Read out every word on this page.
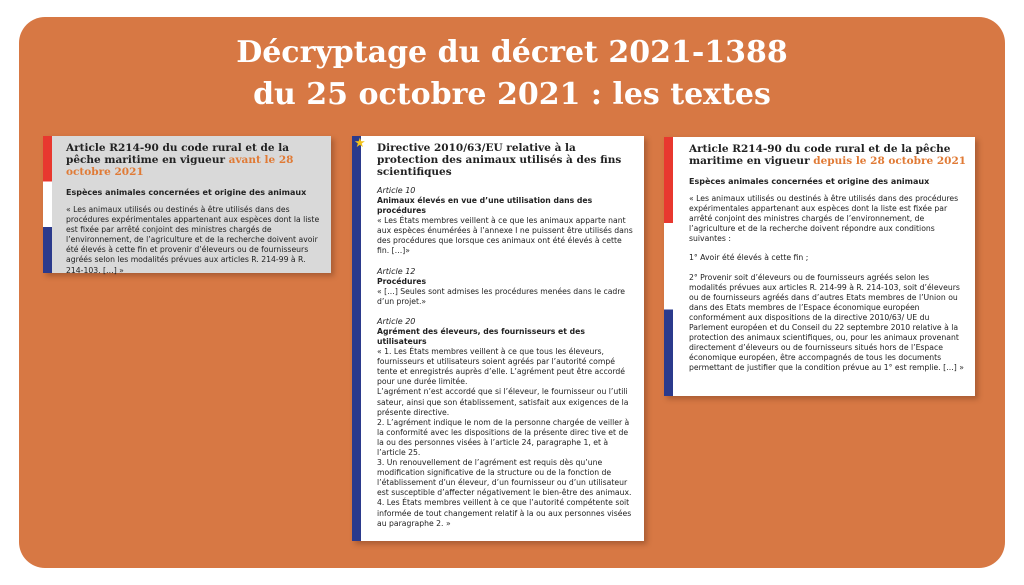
Décryptage du décret 2021-1388
du 25 octobre 2021 : les textes
Article R214-90 du code rural et de la pêche maritime en vigueur avant le 28 octobre 2021
Espèces animales concernées et origine des animaux
« Les animaux utilisés ou destinés à être utilisés dans des procédures expérimentales appartenant aux espèces dont la liste est fixée par arrêté conjoint des ministres chargés de l’environnement, de l’agriculture et de la recherche doivent avoir été élevés à cette fin et provenir d’éleveurs ou de fournisseurs agréés selon les modalités prévues aux articles R. 214-99 à R. 214-103. […] »
★ Directive 2010/63/EU relative à la protection des animaux utilisés à des fins scientifiques
Article 10
Animaux élevés en vue d’une utilisation dans des procédures
« Les États membres veillent à ce que les animaux apparte nant aux espèces énumérées à l’annexe I ne puissent être utilisés dans des procédures que lorsque ces animaux ont été élevés à cette fin. […]»
Article 12
Procédures
« […] Seules sont admises les procédures menées dans le cadre d’un projet.»
Article 20
Agrément des éleveurs, des fournisseurs et des utilisateurs
« 1. Les États membres veillent à ce que tous les éleveurs, fournisseurs et utilisateurs soient agréés par l’autorité compé tente et enregistrés auprès d’elle. L’agrément peut être accordé pour une durée limitée.
L’agrément n’est accordé que si l’éleveur, le fournisseur ou l’utili sateur, ainsi que son établissement, satisfait aux exigences de la présente directive.
2. L’agrément indique le nom de la personne chargée de veiller à la conformité avec les dispositions de la présente direc tive et de la ou des personnes visées à l’article 24, paragraphe 1, et à l’article 25.
3. Un renouvellement de l’agrément est requis dès qu’une modification significative de la structure ou de la fonction de l’établissement d’un éleveur, d’un fournisseur ou d’un utilisateur est susceptible d’affecter négativement le bien-être des animaux.
4. Les États membres veillent à ce que l’autorité compétente soit informée de tout changement relatif à la ou aux personnes visées au paragraphe 2. »
Article R214-90 du code rural et de la pêche maritime en vigueur depuis le 28 octobre 2021
Espèces animales concernées et origine des animaux
« Les animaux utilisés ou destinés à être utilisés dans des procédures expérimentales appartenant aux espèces dont la liste est fixée par arrêté conjoint des ministres chargés de l’environnement, de l’agriculture et de la recherche doivent répondre aux conditions suivantes :
1° Avoir été élevés à cette fin ;
2° Provenir soit d’éleveurs ou de fournisseurs agréés selon les modalités prévues aux articles R. 214-99 à R. 214-103, soit d’éleveurs ou de fournisseurs agréés dans d’autres Etats membres de l’Union ou dans des Etats membres de l’Espace économique européen conformément aux dispositions de la directive 2010/63/ UE du Parlement européen et du Conseil du 22 septembre 2010 relative à la protection des animaux scientifiques, ou, pour les animaux provenant directement d’éleveurs ou de fournisseurs situés hors de l’Espace économique européen, être accompagnés de tous les documents permettant de justifier que la condition prévue au 1° est remplie. […] »
